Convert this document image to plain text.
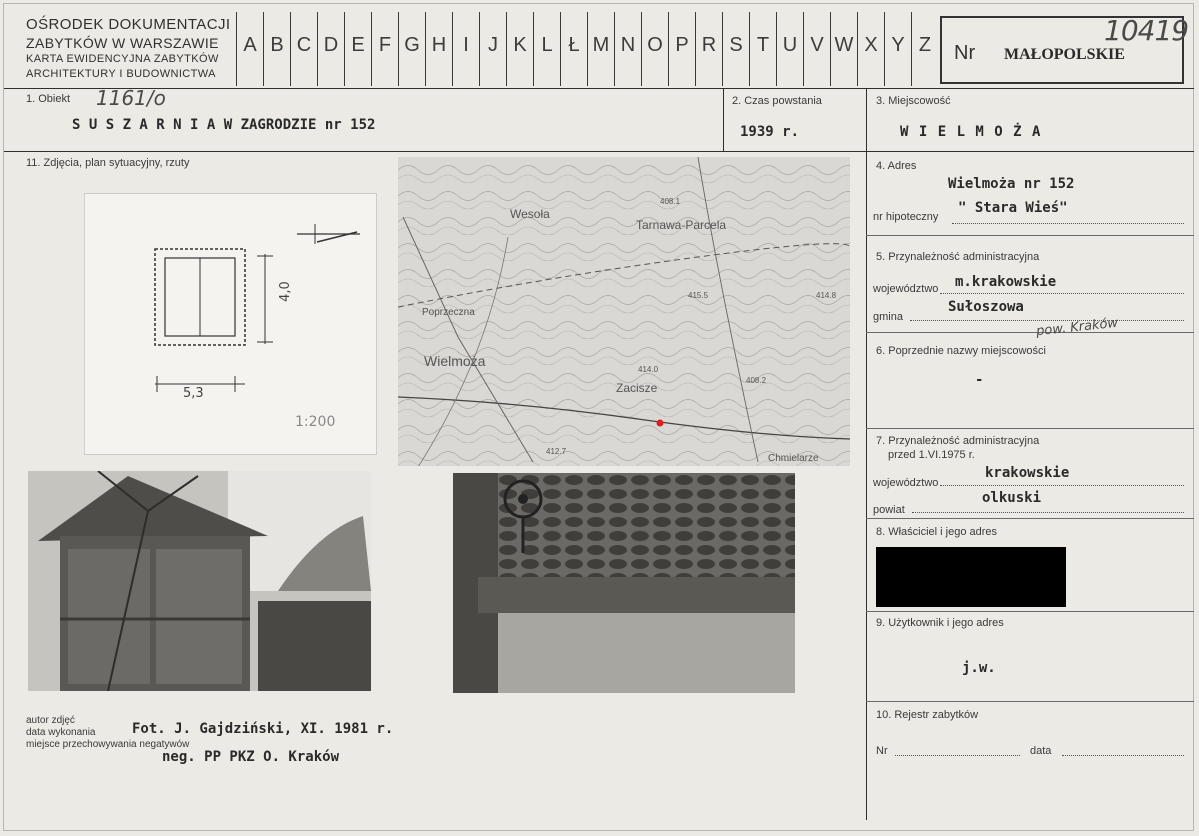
OŚRODEK DOKUMENTACJI
ZABYTKÓW W WARSZAWIE
KARTA EWIDENCYJNA ZABYTKÓW
ARCHITEKTURY I BUDOWNICTWA
A B C D E F G H I J K L Ł M N O P R S T U V W X Y Z	Nr MAŁOPOLSKIE
10419
1. Obiekt 1161/o
S U S Z A R N I A W ZAGRODZIE nr 152
2. Czas powstania
1939 r.
3. Miejscowość
W I E L M O Ż A
11. Zdjęcia, plan sytuacyjny, rzuty
4,0
5,3
1:200
Wesoła
Tarnawa-Parcela
Poprzeczna
Wielmoża
Zacisze
Chmielarze
408.1
415.5	414.8
414.0
408.2
412.7
autor zdjęć
data wykonania
miejsce przechowywania negatywów
Fot. J. Gajdziński, XI. 1981 r.
neg. PP PKZ O. Kraków
4. Adres
Wielmoża nr 152
nr hipoteczny
" Stara Wieś"
5. Przynależność administracyjna
województwo m.krakowskie
gmina
Sułoszowa
pow. Kraków
6. Poprzednie nazwy miejscowości
-
7. Przynależność administracyjna
przed 1.VI.1975 r.
województwo
krakowskie
powiat
olkuski
8. Właściciel i jego adres
9. Użytkownik i jego adres
j.w.
10. Rejestr zabytków
Nr	data
